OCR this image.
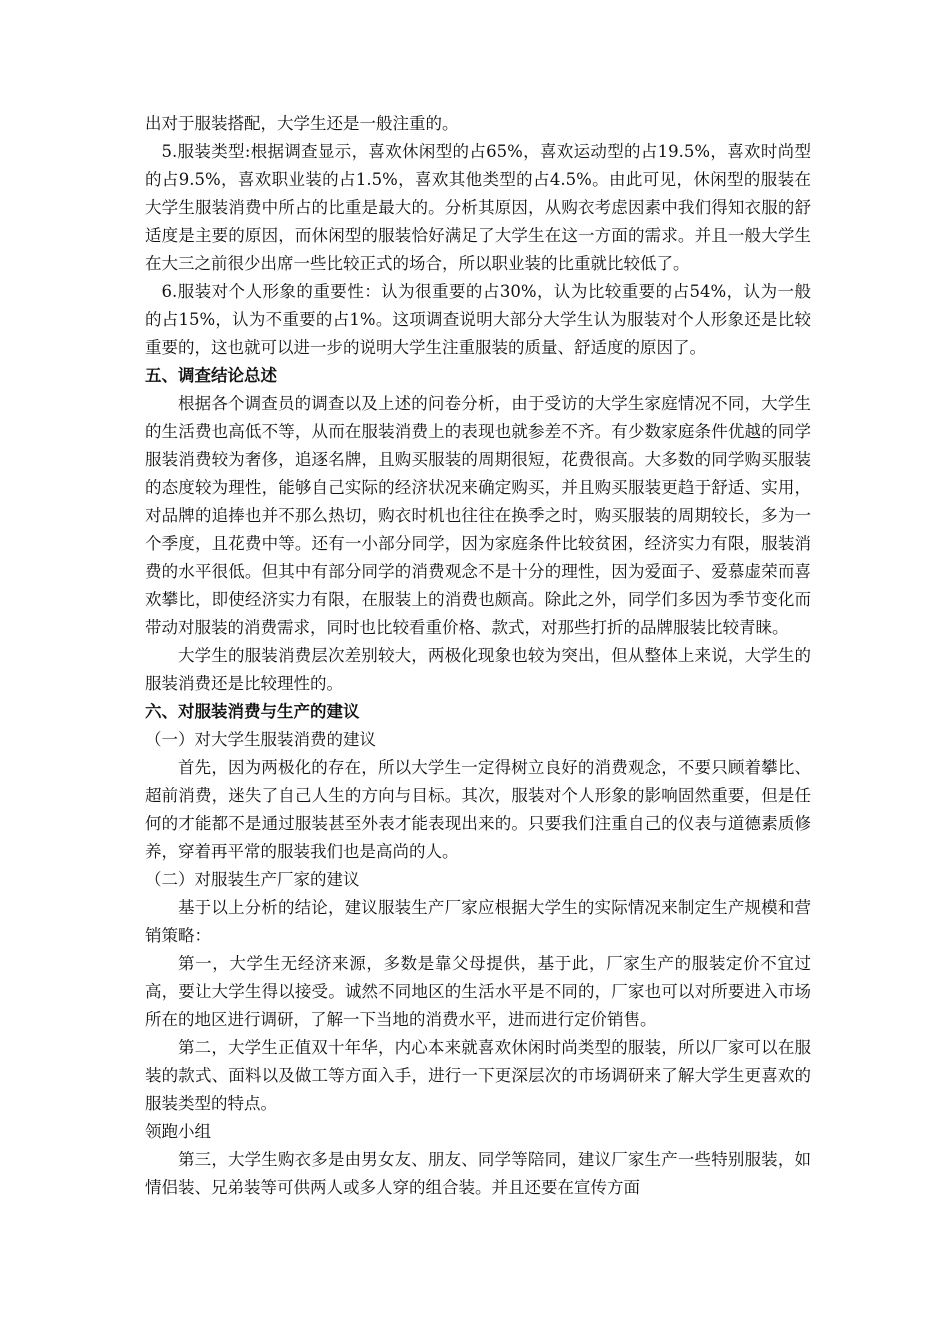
出对于服装搭配，大学生还是一般注重的。

5.服装类型:根据调查显示，喜欢休闲型的占65%，喜欢运动型的占19.5%，喜欢时尚型的占9.5%，喜欢职业装的占1.5%，喜欢其他类型的占4.5%。由此可见，休闲型的服装在大学生服装消费中所占的比重是最大的。分析其原因，从购衣考虑因素中我们得知衣服的舒适度是主要的原因，而休闲型的服装恰好满足了大学生在这一方面的需求。并且一般大学生在大三之前很少出席一些比较正式的场合，所以职业装的比重就比较低了。

6.服装对个人形象的重要性：认为很重要的占30%，认为比较重要的占54%，认为一般的占15%，认为不重要的占1%。这项调查说明大部分大学生认为服装对个人形象还是比较重要的，这也就可以进一步的说明大学生注重服装的质量、舒适度的原因了。

五、调查结论总述

根据各个调查员的调查以及上述的问卷分析，由于受访的大学生家庭情况不同，大学生的生活费也高低不等，从而在服装消费上的表现也就参差不齐。有少数家庭条件优越的同学服装消费较为奢侈，追逐名牌，且购买服装的周期很短，花费很高。大多数的同学购买服装的态度较为理性，能够自己实际的经济状况来确定购买，并且购买服装更趋于舒适、实用，对品牌的追捧也并不那么热切，购衣时机也往往在换季之时，购买服装的周期较长，多为一个季度，且花费中等。还有一小部分同学，因为家庭条件比较贫困，经济实力有限，服装消费的水平很低。但其中有部分同学的消费观念不是十分的理性，因为爱面子、爱慕虚荣而喜欢攀比，即使经济实力有限，在服装上的消费也颇高。除此之外，同学们多因为季节变化而带动对服装的消费需求，同时也比较看重价格、款式，对那些打折的品牌服装比较青睐。

大学生的服装消费层次差别较大，两极化现象也较为突出，但从整体上来说，大学生的服装消费还是比较理性的。

六、对服装消费与生产的建议

（一）对大学生服装消费的建议

首先，因为两极化的存在，所以大学生一定得树立良好的消费观念，不要只顾着攀比、超前消费，迷失了自己人生的方向与目标。其次，服装对个人形象的影响固然重要，但是任何的才能都不是通过服装甚至外表才能表现出来的。只要我们注重自己的仪表与道德素质修养，穿着再平常的服装我们也是高尚的人。

（二）对服装生产厂家的建议

基于以上分析的结论，建议服装生产厂家应根据大学生的实际情况来制定生产规模和营销策略：

第一，大学生无经济来源，多数是靠父母提供，基于此，厂家生产的服装定价不宜过高，要让大学生得以接受。诚然不同地区的生活水平是不同的，厂家也可以对所要进入市场所在的地区进行调研，了解一下当地的消费水平，进而进行定价销售。

第二，大学生正值双十年华，内心本来就喜欢休闲时尚类型的服装，所以厂家可以在服装的款式、面料以及做工等方面入手，进行一下更深层次的市场调研来了解大学生更喜欢的服装类型的特点。

领跑小组

第三，大学生购衣多是由男女友、朋友、同学等陪同，建议厂家生产一些特别服装，如情侣装、兄弟装等可供两人或多人穿的组合装。并且还要在宣传方面
